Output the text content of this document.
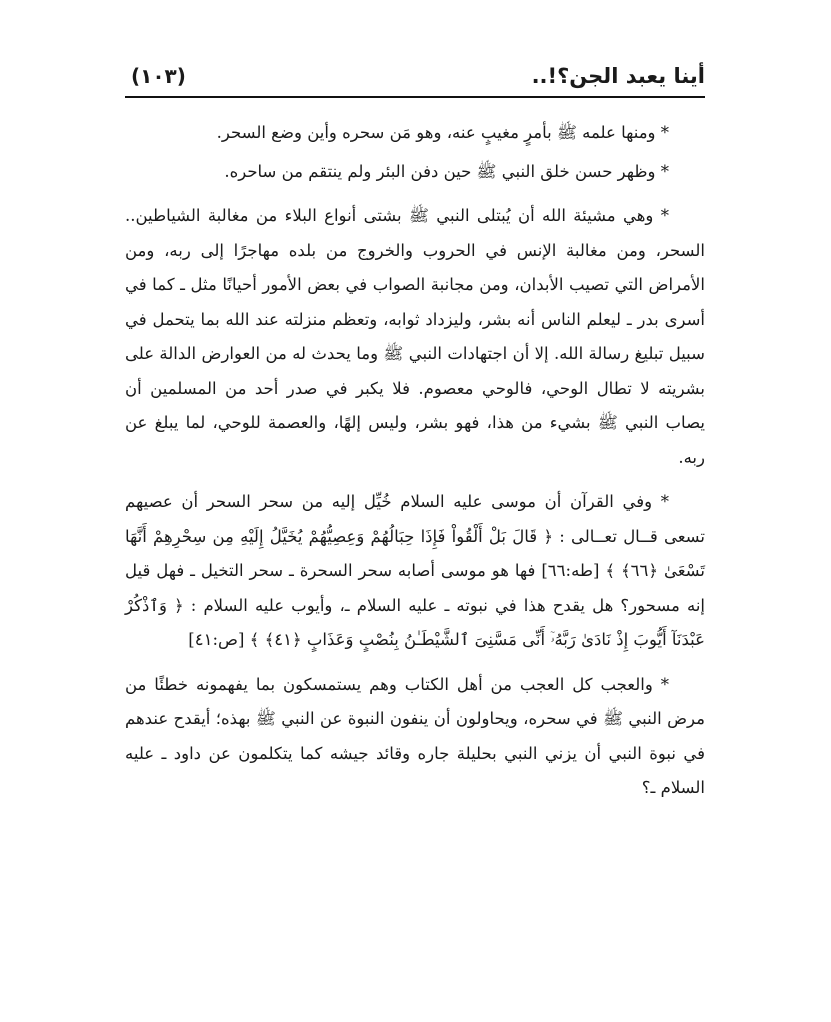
أينا يعبد الجن؟!..
(١٠٣)

* ومنها علمه ﷺ بأمرٍ مغيبٍ عنه، وهو مَن سحره وأين وضع السحر.

* وظهر حسن خلق النبي ﷺ حين دفن البئر ولم ينتقم من ساحره.

* وهي مشيئة الله أن يُبتلى النبي ﷺ بشتى أنواع البلاء من مغالبة الشياطين.. السحر، ومن مغالبة الإنس في الحروب والخروج من بلده مهاجرًا إلى ربه، ومن الأمراض التي تصيب الأبدان، ومن مجانبة الصواب في بعض الأمور أحيانًا مثل ـ كما في أسرى بدر ـ ليعلم الناس أنه بشر، وليزداد ثوابه، وتعظم منزلته عند الله بما يتحمل في سبيل تبليغ رسالة الله. إلا أن اجتهادات النبي ﷺ وما يحدث له من العوارض الدالة على بشريته لا تطال الوحي، فالوحي معصوم. فلا يكبر في صدر أحد من المسلمين أن يصاب النبي ﷺ بشيء من هذا، فهو بشر، وليس إلهًا، والعصمة للوحي، لما يبلغ عن ربه.

* وفي القرآن أن موسى عليه السلام خُيِّل إليه من سحر السحر أن عصيهم تسعى قــال تعــالى : ﴿ قَالَ بَلْ أَلْقُواْ فَإِذَا حِبَالُهُمْ وَعِصِيُّهُمْ يُخَيَّلُ إِلَيْهِ مِن سِحْرِهِمْ أَنَّهَا تَسْعَىٰ ﴿٦٦﴾ ﴾ [طه:٦٦] فها هو موسى أصابه سحر السحرة ـ سحر التخيل ـ فهل قيل إنه مسحور؟ هل يقدح هذا في نبوته ـ عليه السلام ـ، وأيوب عليه السلام : ﴿ وَٱذْكُرْ عَبْدَنَآ أَيُّوبَ إِذْ نَادَىٰ رَبَّهُۥٓ أَنِّى مَسَّنِىَ ٱلشَّيْطَـٰنُ بِنُصْبٍ وَعَذَابٍ ﴿٤١﴾ ﴾ [ص:٤١]

* والعجب كل العجب من أهل الكتاب وهم يستمسكون بما يفهمونه خطئًا من مرض النبي ﷺ في سحره، ويحاولون أن ينفون النبوة عن النبي ﷺ بهذه؛ أيقدح عندهم في نبوة النبي أن يزني النبي بحليلة جاره وقائد جيشه كما يتكلمون عن داود ـ عليه السلام ـ؟
